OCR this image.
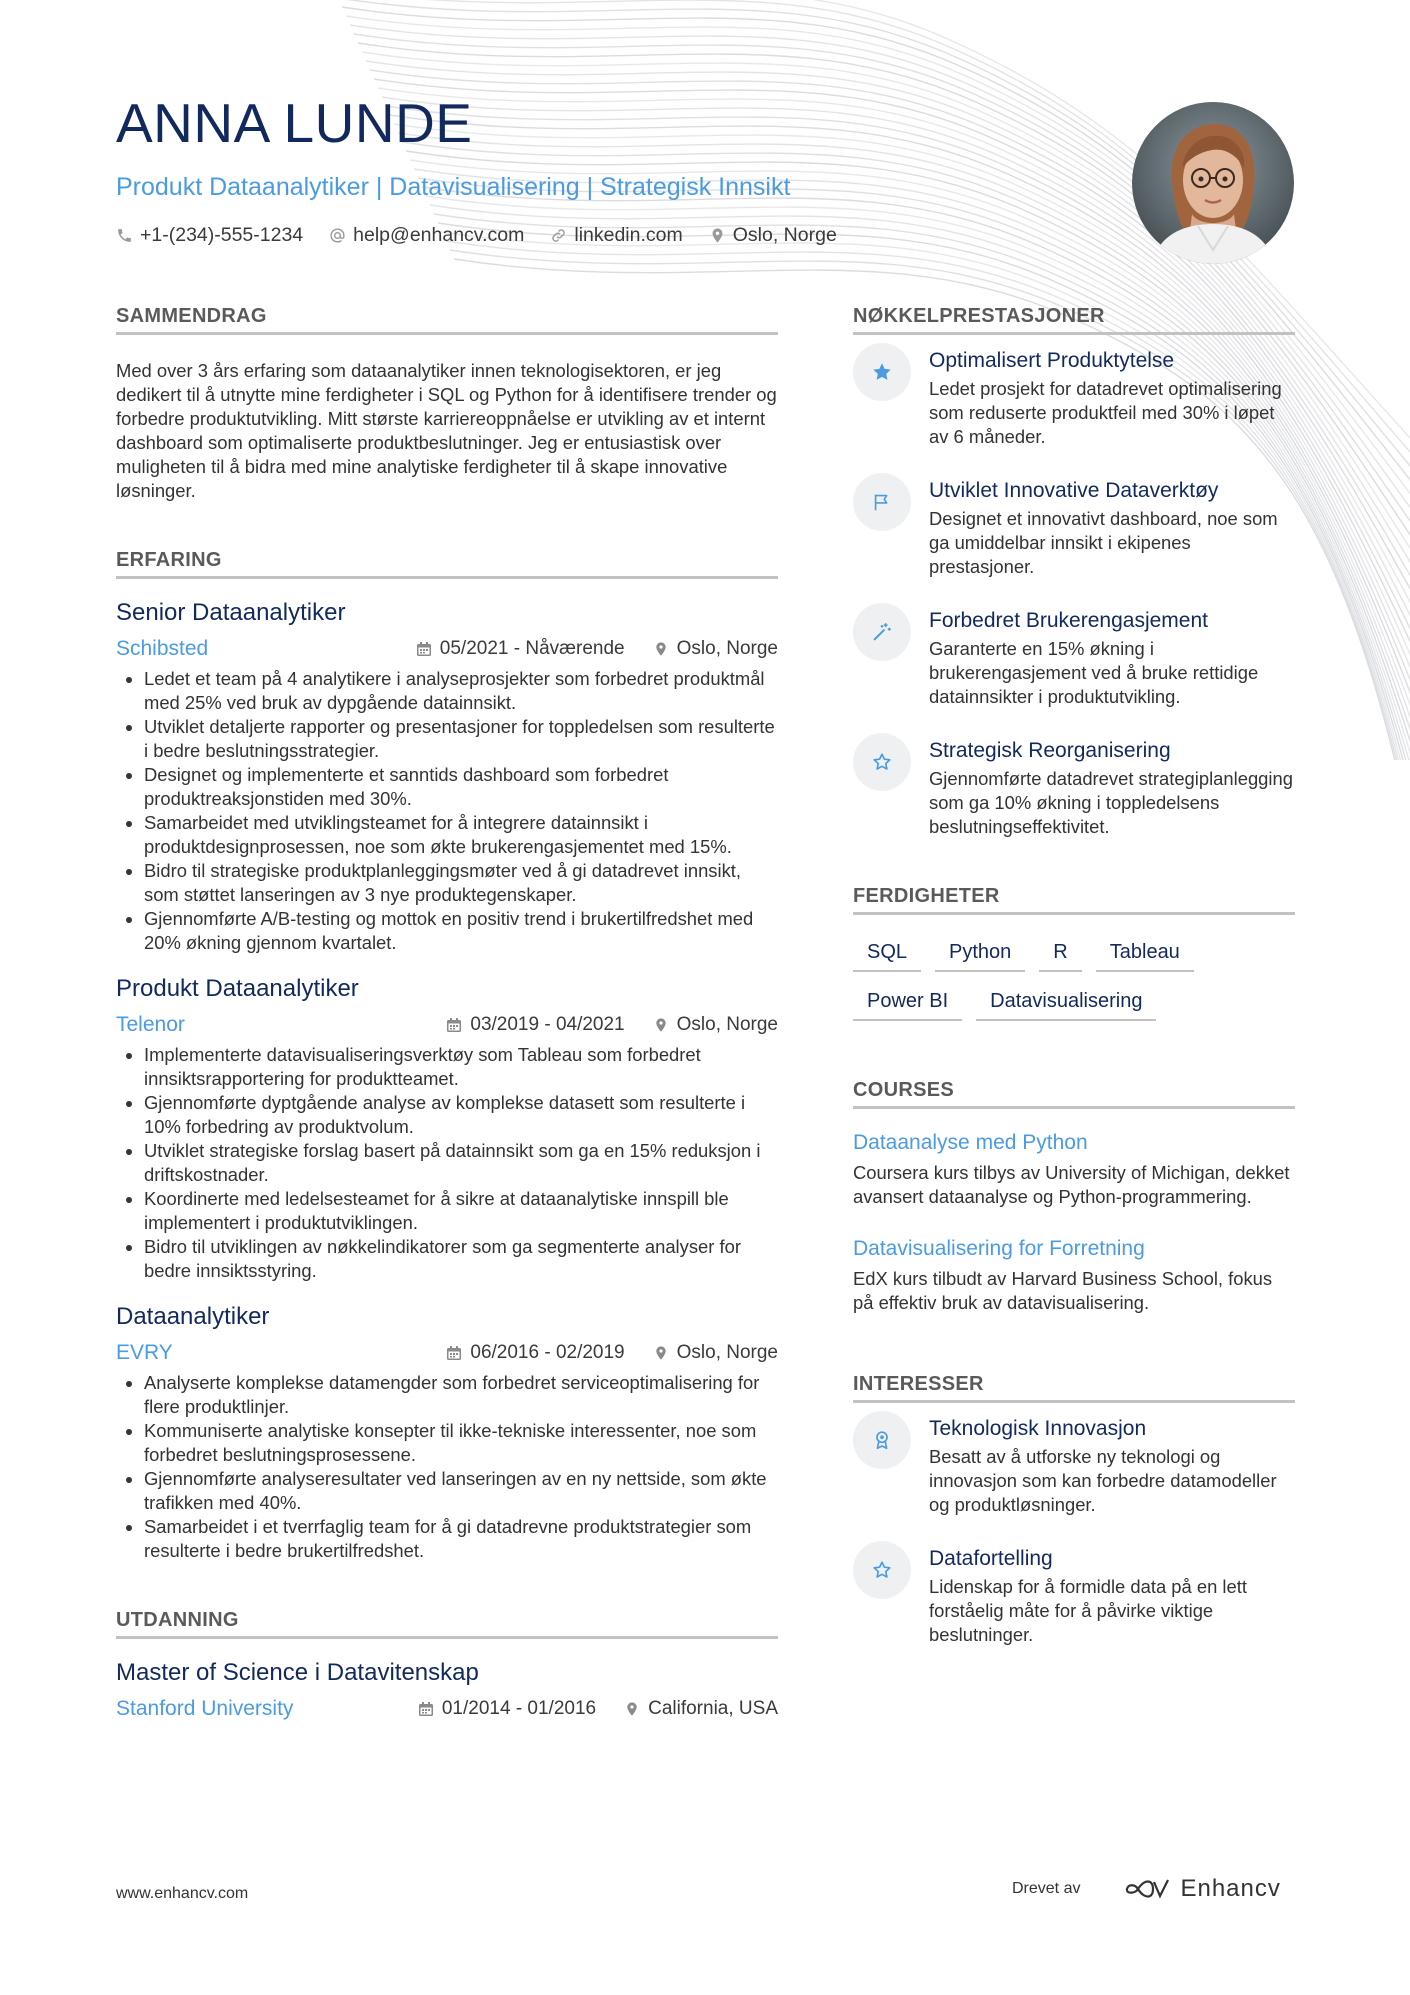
ANNA LUNDE
Produkt Dataanalytiker | Datavisualisering | Strategisk Innsikt
+1-(234)-555-1234	help@enhancv.com	linkedin.com	Oslo, Norge
SAMMENDRAG

Med over 3 års erfaring som dataanalytiker innen teknologisektoren, er jeg dedikert til å utnytte mine ferdigheter i SQL og Python for å identifisere trender og forbedre produktutvikling. Mitt største karriereoppnåelse er utvikling av et internt dashboard som optimaliserte produktbeslutninger. Jeg er entusiastisk over muligheten til å bidra med mine analytiske ferdigheter til å skape innovative løsninger.

ERFARING
Senior Dataanalytiker
Schibsted	05/2021 - Nåværende	Oslo, Norge
• Ledet et team på 4 analytikere i analyseprosjekter som forbedret produktmål med 25% ved bruk av dypgående datainnsikt.
• Utviklet detaljerte rapporter og presentasjoner for toppledelsen som resulterte i bedre beslutningsstrategier.
• Designet og implementerte et sanntids dashboard som forbedret produktreaksjonstiden med 30%.
• Samarbeidet med utviklingsteamet for å integrere datainnsikt i produktdesignprosessen, noe som økte brukerengasjementet med 15%.
• Bidro til strategiske produktplanleggingsmøter ved å gi datadrevet innsikt, som støttet lanseringen av 3 nye produktegenskaper.
• Gjennomførte A/B-testing og mottok en positiv trend i brukertilfredshet med 20% økning gjennom kvartalet.
Produkt Dataanalytiker
Telenor	03/2019 - 04/2021	Oslo, Norge
• Implementerte datavisualiseringsverktøy som Tableau som forbedret innsiktsrapportering for produktteamet.
• Gjennomførte dyptgående analyse av komplekse datasett som resulterte i 10% forbedring av produktvolum.
• Utviklet strategiske forslag basert på datainnsikt som ga en 15% reduksjon i driftskostnader.
• Koordinerte med ledelsesteamet for å sikre at dataanalytiske innspill ble implementert i produktutviklingen.
• Bidro til utviklingen av nøkkelindikatorer som ga segmenterte analyser for bedre innsiktsstyring.
Dataanalytiker
EVRY	06/2016 - 02/2019	Oslo, Norge
• Analyserte komplekse datamengder som forbedret serviceoptimalisering for flere produktlinjer.
• Kommuniserte analytiske konsepter til ikke-tekniske interessenter, noe som forbedret beslutningsprosessene.
• Gjennomførte analyseresultater ved lanseringen av en ny nettside, som økte trafikken med 40%.
• Samarbeidet i et tverrfaglig team for å gi datadrevne produktstrategier som resulterte i bedre brukertilfredshet.
UTDANNING
Master of Science i Datavitenskap
Stanford University	01/2014 - 01/2016	California, USA
NØKKELPRESTASJONER
Optimalisert Produktytelse
Ledet prosjekt for datadrevet optimalisering som reduserte produktfeil med 30% i løpet av 6 måneder.
Utviklet Innovative Dataverktøy
Designet et innovativt dashboard, noe som ga umiddelbar innsikt i ekipenes prestasjoner.
Forbedret Brukerengasjement
Garanterte en 15% økning i brukerengasjement ved å bruke rettidige datainnsikter i produktutvikling.
Strategisk Reorganisering
Gjennomførte datadrevet strategiplanlegging som ga 10% økning i toppledelsens beslutningseffektivitet.
FERDIGHETER
SQL	Python	R	Tableau
Power BI	Datavisualisering
COURSES
Dataanalyse med Python
Coursera kurs tilbys av University of Michigan, dekket avansert dataanalyse og Python-programmering.
Datavisualisering for Forretning
EdX kurs tilbudt av Harvard Business School, fokus på effektiv bruk av datavisualisering.
INTERESSER
Teknologisk Innovasjon
Besatt av å utforske ny teknologi og innovasjon som kan forbedre datamodeller og produktløsninger.
Datafortelling
Lidenskap for å formidle data på en lett forståelig måte for å påvirke viktige beslutninger.
www.enhancv.com	Drevet av	Enhancv
